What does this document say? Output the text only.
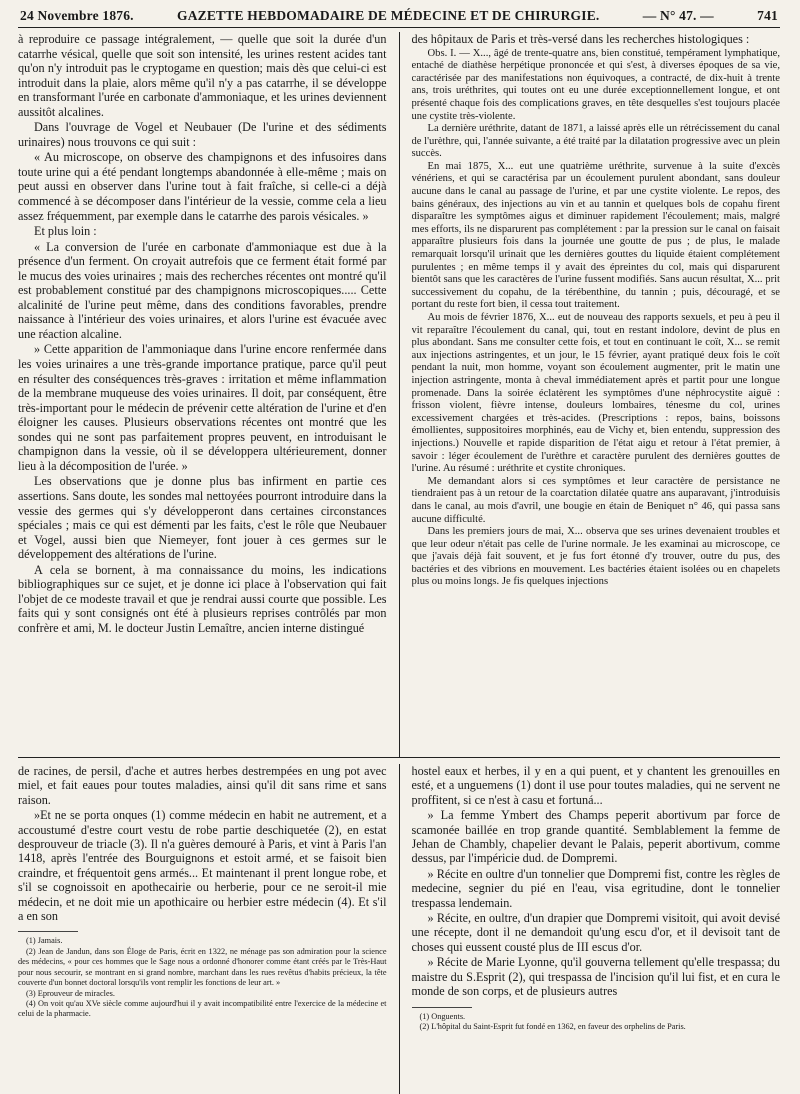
24 Novembre 1876.	GAZETTE HEBDOMADAIRE DE MÉDECINE ET DE CHIRURGIE.	— N° 47. —	741

à reproduire ce passage intégralement, — quelle que soit la durée d'un catarrhe vésical, quelle que soit son intensité, les urines restent acides tant qu'on n'y introduit pas le cryptogame en question; mais dès que celui-ci est introduit dans la plaie, alors même qu'il n'y a pas catarrhe, il se développe en transformant l'urée en carbonate d'ammoniaque, et les urines deviennent aussitôt alcalines.

Dans l'ouvrage de Vogel et Neubauer (De l'urine et des sédiments urinaires) nous trouvons ce qui suit :

« Au microscope, on observe des champignons et des infusoires dans toute urine qui a été pendant longtemps abandonnée à elle-même ; mais on peut aussi en observer dans l'urine tout à fait fraîche, si celle-ci a déjà commencé à se décomposer dans l'intérieur de la vessie, comme cela a lieu assez fréquemment, par exemple dans le catarrhe des parois vésicales. »

Et plus loin :

« La conversion de l'urée en carbonate d'ammoniaque est due à la présence d'un ferment. On croyait autrefois que ce ferment était formé par le mucus des voies urinaires ; mais des recherches récentes ont montré qu'il est probablement constitué par des champignons microscopiques..... Cette alcalinité de l'urine peut même, dans des conditions favorables, prendre naissance à l'intérieur des voies urinaires, et alors l'urine est évacuée avec une réaction alcaline.

» Cette apparition de l'ammoniaque dans l'urine encore renfermée dans les voies urinaires a une très-grande importance pratique, parce qu'il peut en résulter des conséquences très-graves : irritation et même inflammation de la membrane muqueuse des voies urinaires. Il doit, par conséquent, être très-important pour le médecin de prévenir cette altération de l'urine et d'en éloigner les causes. Plusieurs observations récentes ont montré que les sondes qui ne sont pas parfaitement propres peuvent, en introduisant le champignon dans la vessie, où il se développera ultérieurement, donner lieu à la décomposition de l'urée. »

Les observations que je donne plus bas infirment en partie ces assertions. Sans doute, les sondes mal nettoyées pourront introduire dans la vessie des germes qui s'y développeront dans certaines circonstances spéciales ; mais ce qui est démenti par les faits, c'est le rôle que Neubauer et Vogel, aussi bien que Niemeyer, font jouer à ces germes sur le développement des altérations de l'urine.

A cela se bornent, à ma connaissance du moins, les indications bibliographiques sur ce sujet, et je donne ici place à l'observation qui fait l'objet de ce modeste travail et que je rendrai aussi courte que possible. Les faits qui y sont consignés ont été à plusieurs reprises contrôlés par mon confrère et ami, M. le docteur Justin Lemaître, ancien interne distingué

des hôpitaux de Paris et très-versé dans les recherches histologiques :

Obs. I. — X..., âgé de trente-quatre ans, bien constitué, tempérament lymphatique, entaché de diathèse herpétique prononcée et qui s'est, à diverses époques de sa vie, caractérisée par des manifestations non équivoques, a contracté, de dix-huit à trente ans, trois uréthrites, qui toutes ont eu une durée exceptionnellement longue, et ont présenté chaque fois des complications graves, en tête desquelles s'est toujours placée une cystite très-violente.

La dernière uréthrite, datant de 1871, a laissé après elle un rétrécissement du canal de l'urèthre, qui, l'année suivante, a été traité par la dilatation progressive avec un plein succès.

En mai 1875, X... eut une quatrième uréthrite, survenue à la suite d'excès vénériens, et qui se caractérisa par un écoulement purulent abondant, sans douleur aucune dans le canal au passage de l'urine, et par une cystite violente. Le repos, des bains généraux, des injections au vin et au tannin et quelques bols de copahu firent disparaître les symptômes aigus et diminuer rapidement l'écoulement; mais, malgré mes efforts, ils ne disparurent pas complétement : par la pression sur le canal on faisait apparaître plusieurs fois dans la journée une goutte de pus ; de plus, le malade remarquait lorsqu'il urinait que les dernières gouttes du liquide étaient complétement purulentes ; en même temps il y avait des épreintes du col, mais qui disparurent bientôt sans que les caractères de l'urine fussent modifiés. Sans aucun résultat, X... prit successivement du copahu, de la térébenthine, du tannin ; puis, découragé, et se portant du reste fort bien, il cessa tout traitement.

Au mois de février 1876, X... eut de nouveau des rapports sexuels, et peu à peu il vit reparaître l'écoulement du canal, qui, tout en restant indolore, devint de plus en plus abondant. Sans me consulter cette fois, et tout en continuant le coït, X... se remit aux injections astringentes, et un jour, le 15 février, ayant pratiqué deux fois le coït pendant la nuit, mon homme, voyant son écoulement augmenter, prit le matin une injection astringente, monta à cheval immédiatement après et partit pour une longue promenade. Dans la soirée éclatèrent les symptômes d'une néphrocystite aiguë : frisson violent, fièvre intense, douleurs lombaires, ténesme du col, urines excessivement chargées et très-acides. (Prescriptions : repos, bains, boissons émollientes, suppositoires morphinés, eau de Vichy et, bien entendu, suppression des injections.) Nouvelle et rapide disparition de l'état aigu et retour à l'état premier, à savoir : léger écoulement de l'urèthre et caractère purulent des dernières gouttes de l'urine. Au résumé : uréthrite et cystite chroniques.

Me demandant alors si ces symptômes et leur caractère de persistance ne tiendraient pas à un retour de la coarctation dilatée quatre ans auparavant, j'introduisis dans le canal, au mois d'avril, une bougie en étain de Beniquet n° 46, qui passa sans aucune difficulté.

Dans les premiers jours de mai, X... observa que ses urines devenaient troubles et que leur odeur n'était pas celle de l'urine normale. Je les examinai au microscope, ce que j'avais déjà fait souvent, et je fus fort étonné d'y trouver, outre du pus, des bactéries et des vibrions en mouvement. Les bactéries étaient isolées ou en chapelets plus ou moins longs. Je fis quelques injections

de racines, de persil, d'ache et autres herbes destrempées en ung pot avec miel, et fait eaues pour toutes maladies, ainsi qu'il dit sans rime et sans raison.

»Et ne se porta onques (1) comme médecin en habit ne autrement, et a accoustumé d'estre court vestu de robe partie deschiquetée (2), en estat desprouveur de triacle (3). Il n'a guères demouré à Paris, et vint à Paris l'an 1418, après l'entrée des Bourguignons et estoit armé, et se faisoit bien craindre, et fréquentoit gens armés... Et maintenant il prent longue robe, et s'il se cognoissoit en apothecairie ou herberie, pour ce ne seroit-il mie médecin, et ne doit mie un apothicaire ou herbier estre médecin (4). Et s'il a en son

(1) Jamais.

(2) Jean de Jandun, dans son Éloge de Paris, écrit en 1322, ne ménage pas son admiration pour la science des médecins, « pour ces hommes que le Sage nous a ordonné d'honorer comme étant créés par le Très-Haut pour nous secourir, se montrant en si grand nombre, marchant dans les rues revêtus d'habits précieux, la tête couverte d'un bonnet doctoral lorsqu'ils vont remplir les fonctions de leur art. »

(3) Eprouveur de miracles.

(4) On voit qu'au XVe siècle comme aujourd'hui il y avait incompatibilité entre l'exercice de la médecine et celui de la pharmacie.

hostel eaux et herbes, il y en a qui puent, et y chantent les grenouilles en esté, et a unguemens (1) dont il use pour toutes maladies, qui ne servent ne proffitent, si ce n'est à casu et fortuná...

» La femme Ymbert des Champs peperit abortivum par force de scamonée baillée en trop grande quantité. Semblablement la femme de Jehan de Chambly, chapelier devant le Palais, peperit abortivum, comme dessus, par l'impéricie dud. de Dompremi.

» Récite en oultre d'un tonnelier que Dompremi fist, contre les règles de medecine, segnier du pié en l'eau, visa egritudine, dont le tonnelier trespassa lendemain.

» Récite, en oultre, d'un drapier que Dompremi visitoit, qui avoit devisé une récepte, dont il ne demandoit qu'ung escu d'or, et il devisoit tant de choses qui eussent cousté plus de III escus d'or.

» Récite de Marie Lyonne, qu'il gouverna tellement qu'elle trespassa; du maistre du S.Esprit (2), qui trespassa de l'incision qu'il lui fist, et en cura le monde de son corps, et de plusieurs autres

(1) Onguents.

(2) L'hôpital du Saint-Esprit fut fondé en 1362, en faveur des orphelins de Paris.
